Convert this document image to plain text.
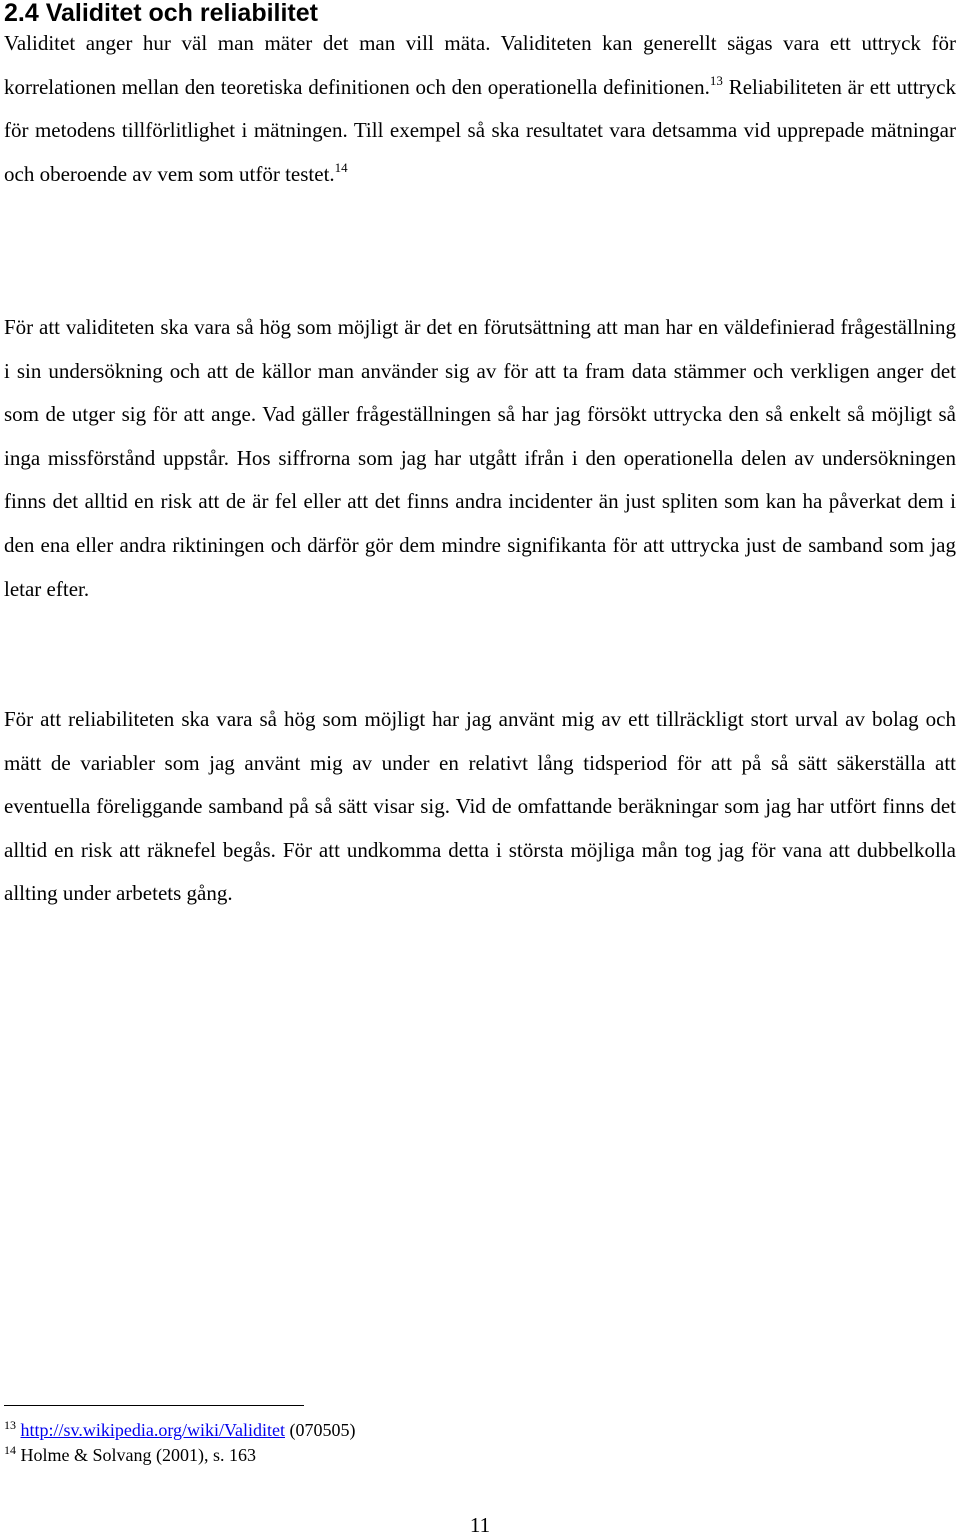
2.4 Validitet och reliabilitet

Validitet anger hur väl man mäter det man vill mäta. Validiteten kan generellt sägas vara ett uttryck för korrelationen mellan den teoretiska definitionen och den operationella definitionen.$^{13}$ Reliabiliteten är ett uttryck för metodens tillförlitlighet i mätningen. Till exempel så ska resultatet vara detsamma vid upprepade mätningar och oberoende av vem som utför testet.$^{14}$

För att validiteten ska vara så hög som möjligt är det en förutsättning att man har en väldefinierad frågeställning i sin undersökning och att de källor man använder sig av för att ta fram data stämmer och verkligen anger det som de utger sig för att ange. Vad gäller frågeställningen så har jag försökt uttrycka den så enkelt så möjligt så inga missförstånd uppstår. Hos siffrorna som jag har utgått ifrån i den operationella delen av undersökningen finns det alltid en risk att de är fel eller att det finns andra incidenter än just spliten som kan ha påverkat dem i den ena eller andra riktiningen och därför gör dem mindre signifikanta för att uttrycka just de samband som jag letar efter.

För att reliabiliteten ska vara så hög som möjligt har jag använt mig av ett tillräckligt stort urval av bolag och mätt de variabler som jag använt mig av under en relativt lång tidsperiod för att på så sätt säkerställa att eventuella föreliggande samband på så sätt visar sig. Vid de omfattande beräkningar som jag har utfört finns det alltid en risk att räknefel begås. För att undkomma detta i största möjliga mån tog jag för vana att dubbelkolla allting under arbetets gång.

$^{13}$ http://sv.wikipedia.org/wiki/Validitet (070505)

$^{14}$ Holme & Solvang (2001), s. 163

11
